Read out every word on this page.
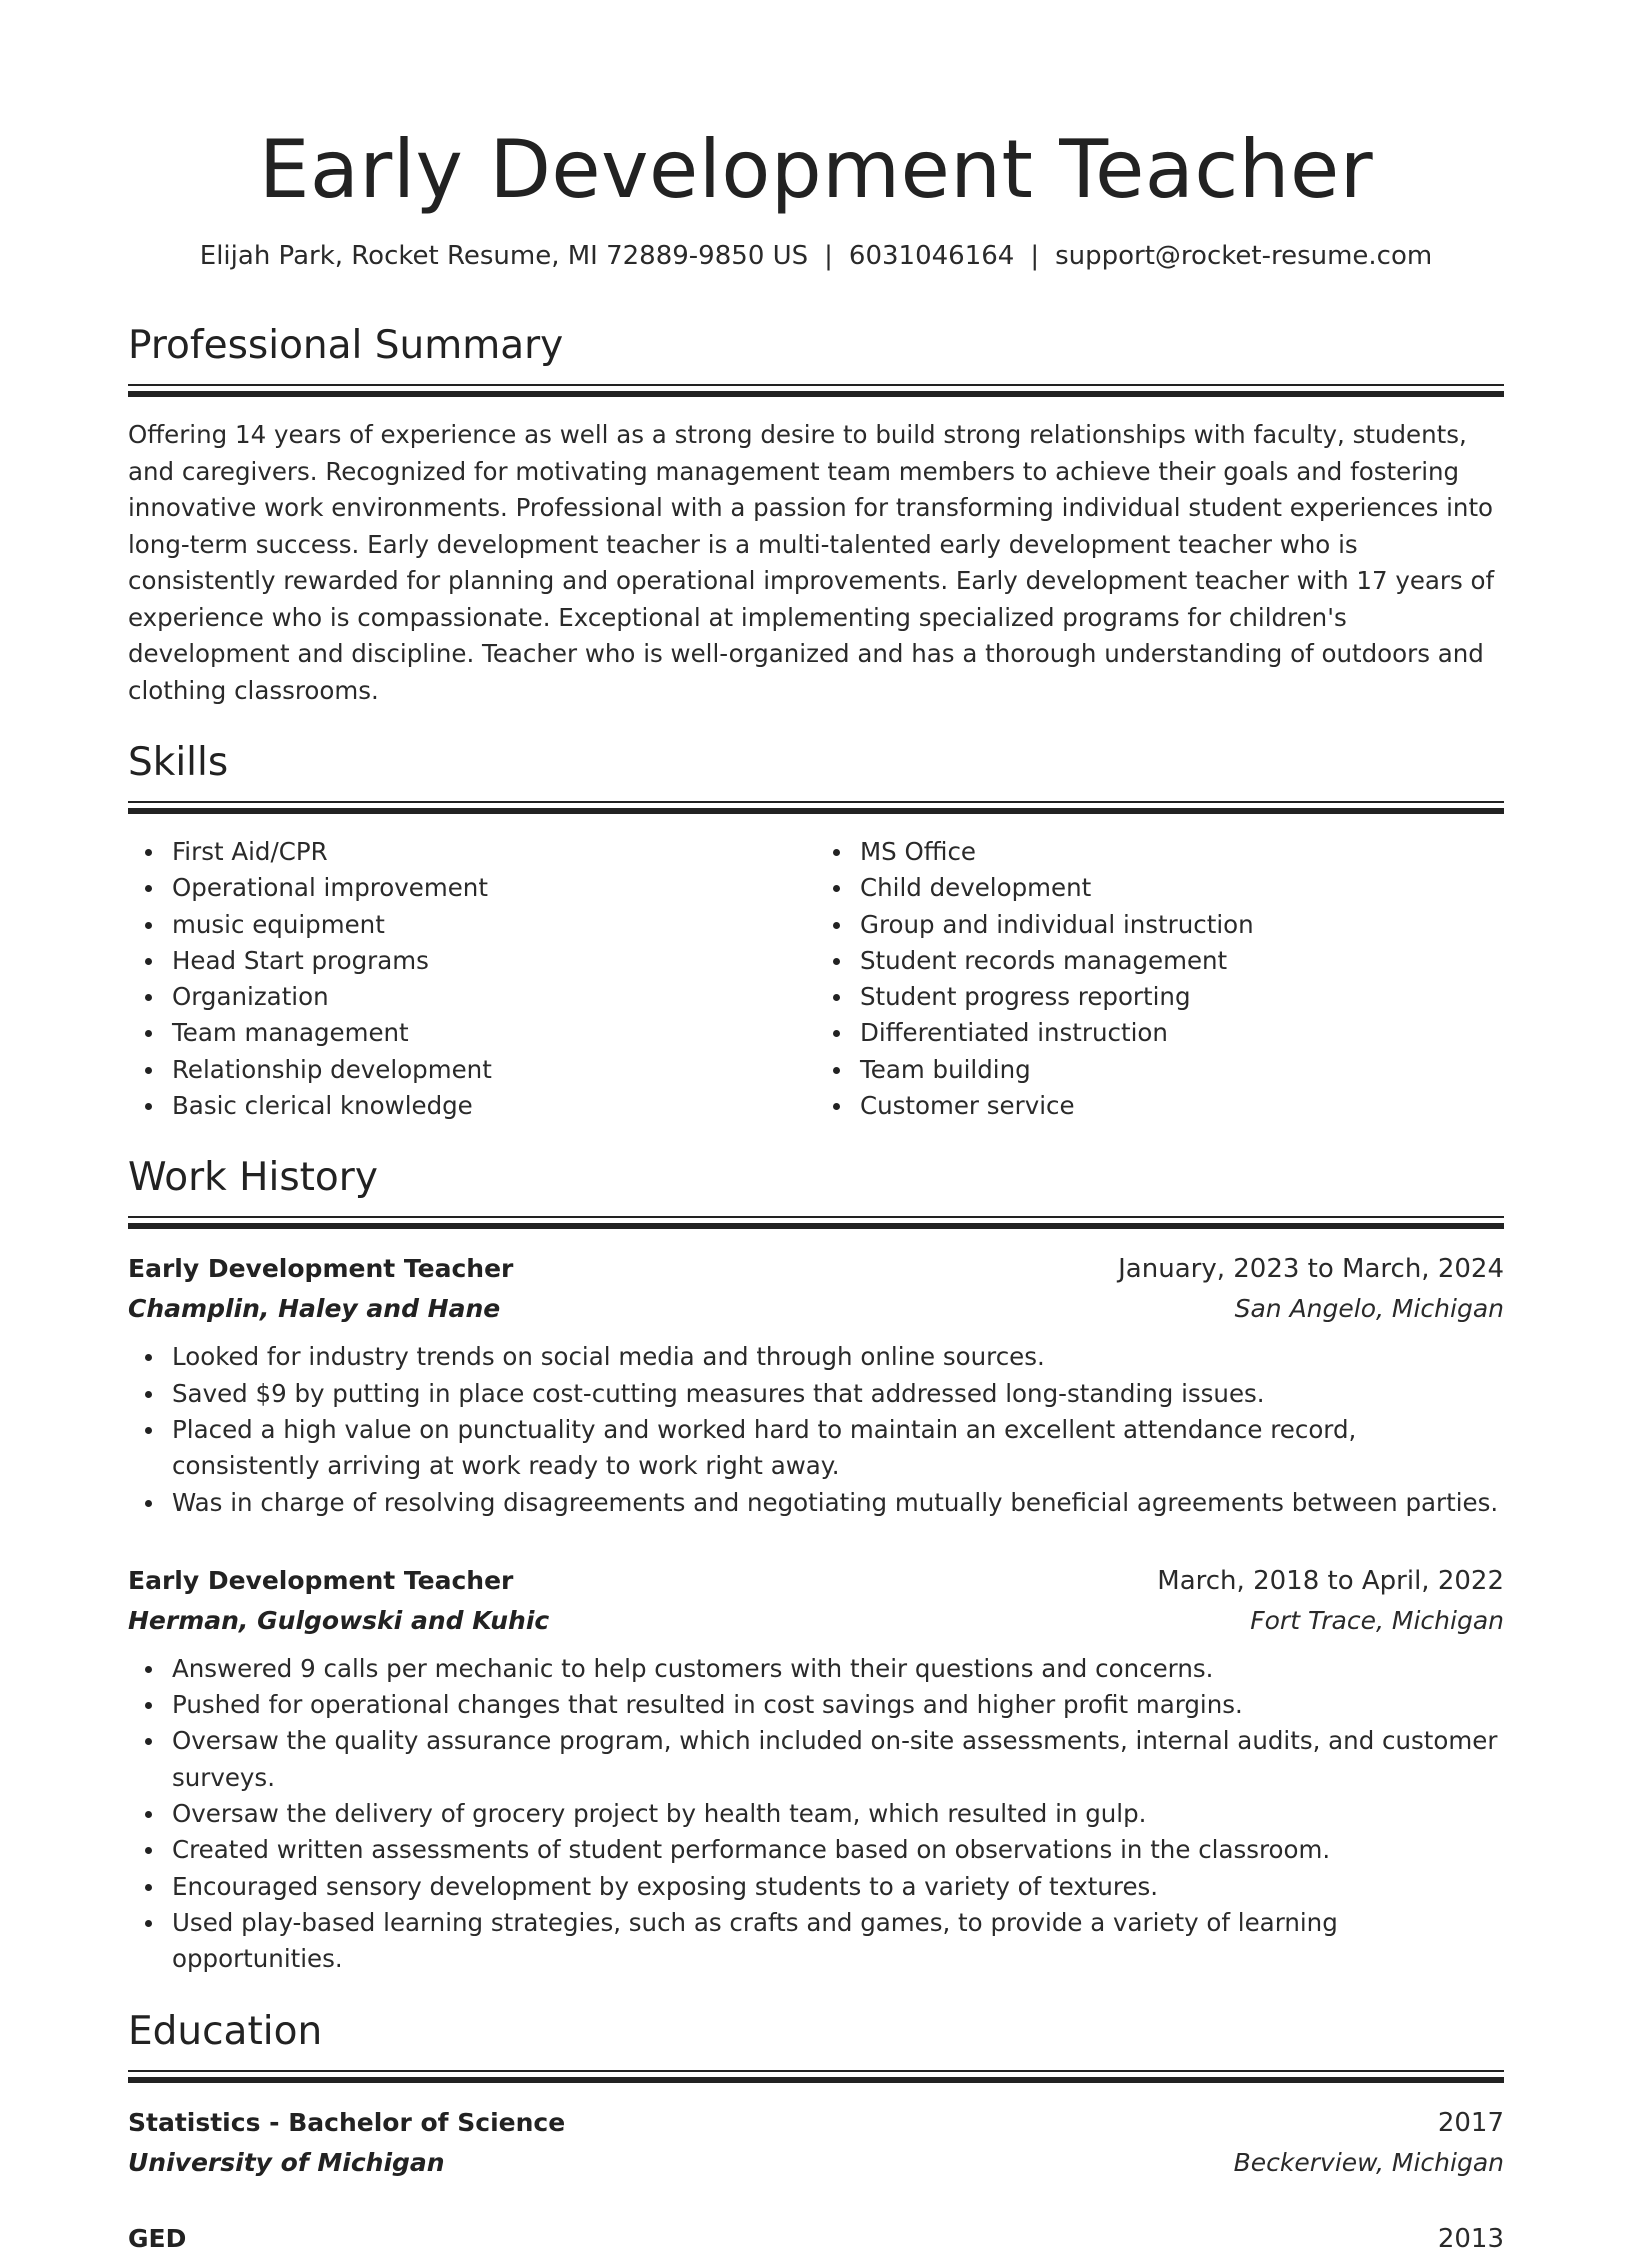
Early Development Teacher
Elijah Park, Rocket Resume, MI 72889-9850 US | 6031046164 | support@rocket-resume.com
Professional Summary

Offering 14 years of experience as well as a strong desire to build strong relationships with faculty, students, and caregivers. Recognized for motivating management team members to achieve their goals and fostering innovative work environments. Professional with a passion for transforming individual student experiences into long-term success. Early development teacher is a multi-talented early development teacher who is consistently rewarded for planning and operational improvements. Early development teacher with 17 years of experience who is compassionate. Exceptional at implementing specialized programs for children's development and discipline. Teacher who is well-organized and has a thorough understanding of outdoors and clothing classrooms.

Skills
First Aid/CPR
Operational improvement
music equipment
Head Start programs
Organization
Team management
Relationship development
Basic clerical knowledge
MS Office
Child development
Group and individual instruction
Student records management
Student progress reporting
Differentiated instruction
Team building
Customer service
Work History
Early Development Teacher	January, 2023 to March, 2024
Champlin, Haley and Hane	San Angelo, Michigan
Looked for industry trends on social media and through online sources.
Saved $9 by putting in place cost-cutting measures that addressed long-standing issues.
Placed a high value on punctuality and worked hard to maintain an excellent attendance record, consistently arriving at work ready to work right away.
Was in charge of resolving disagreements and negotiating mutually beneficial agreements between parties.
Early Development Teacher	March, 2018 to April, 2022
Herman, Gulgowski and Kuhic	Fort Trace, Michigan
Answered 9 calls per mechanic to help customers with their questions and concerns.
Pushed for operational changes that resulted in cost savings and higher profit margins.
Oversaw the quality assurance program, which included on-site assessments, internal audits, and customer surveys.
Oversaw the delivery of grocery project by health team, which resulted in gulp.
Created written assessments of student performance based on observations in the classroom.
Encouraged sensory development by exposing students to a variety of textures.
Used play-based learning strategies, such as crafts and games, to provide a variety of learning opportunities.
Education
Statistics - Bachelor of Science	2017
University of Michigan	Beckerview, Michigan
GED	2013
